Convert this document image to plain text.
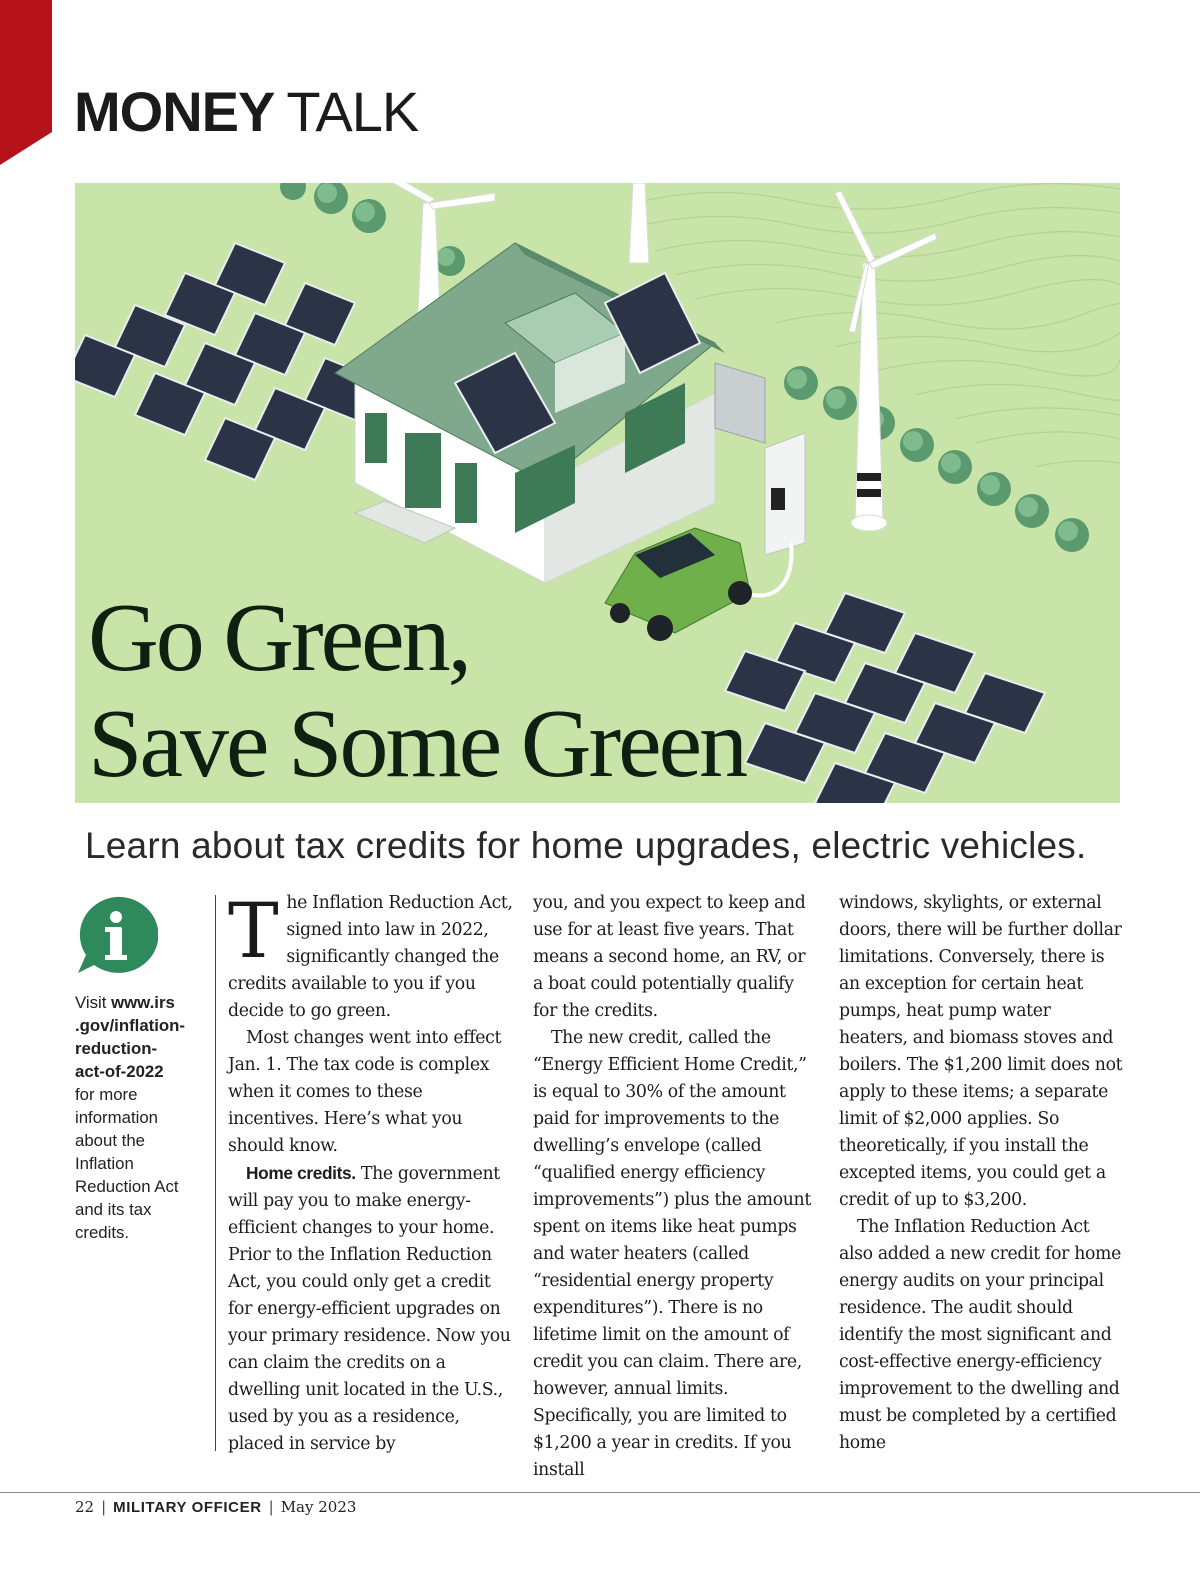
MONEY TALK
Go Green,
Save Some Green
Learn about tax credits for home upgrades, electric vehicles.
Visit www.irs
.gov/inflation-
reduction-
act-of-2022
for more
information
about the
Inflation
Reduction Act
and its tax
credits.

The Inflation Reduction Act, signed into law in 2022, significantly changed the credits available to you if you decide to go green.

Most changes went into effect Jan. 1. The tax code is complex when it comes to these incentives. Here’s what you should know.

Home credits. The government will pay you to make energy-efficient changes to your home. Prior to the Inflation Reduction Act, you could only get a credit for energy-efficient upgrades on your primary residence. Now you can claim the credits on a dwelling unit located in the U.S., used by you as a residence, placed in service by

you, and you expect to keep and use for at least five years. That means a second home, an RV, or a boat could potentially qualify for the credits.

The new credit, called the “Energy Efficient Home Credit,” is equal to 30% of the amount paid for improvements to the dwelling’s envelope (called “qualified energy efficiency improvements”) plus the amount spent on items like heat pumps and water heaters (called “residential energy property expenditures”). There is no lifetime limit on the amount of credit you can claim. There are, however, annual limits. Specifically, you are limited to $1,200 a year in credits. If you install

windows, skylights, or external doors, there will be further dollar limitations. Conversely, there is an exception for certain heat pumps, heat pump water heaters, and biomass stoves and boilers. The $1,200 limit does not apply to these items; a separate limit of $2,000 applies. So theoretically, if you install the excepted items, you could get a credit of up to $3,200.

The Inflation Reduction Act also added a new credit for home energy audits on your principal residence. The audit should identify the most significant and cost-effective energy-efficiency improvement to the dwelling and must be completed by a certified home

22 | MILITARY OFFICER | May 2023
